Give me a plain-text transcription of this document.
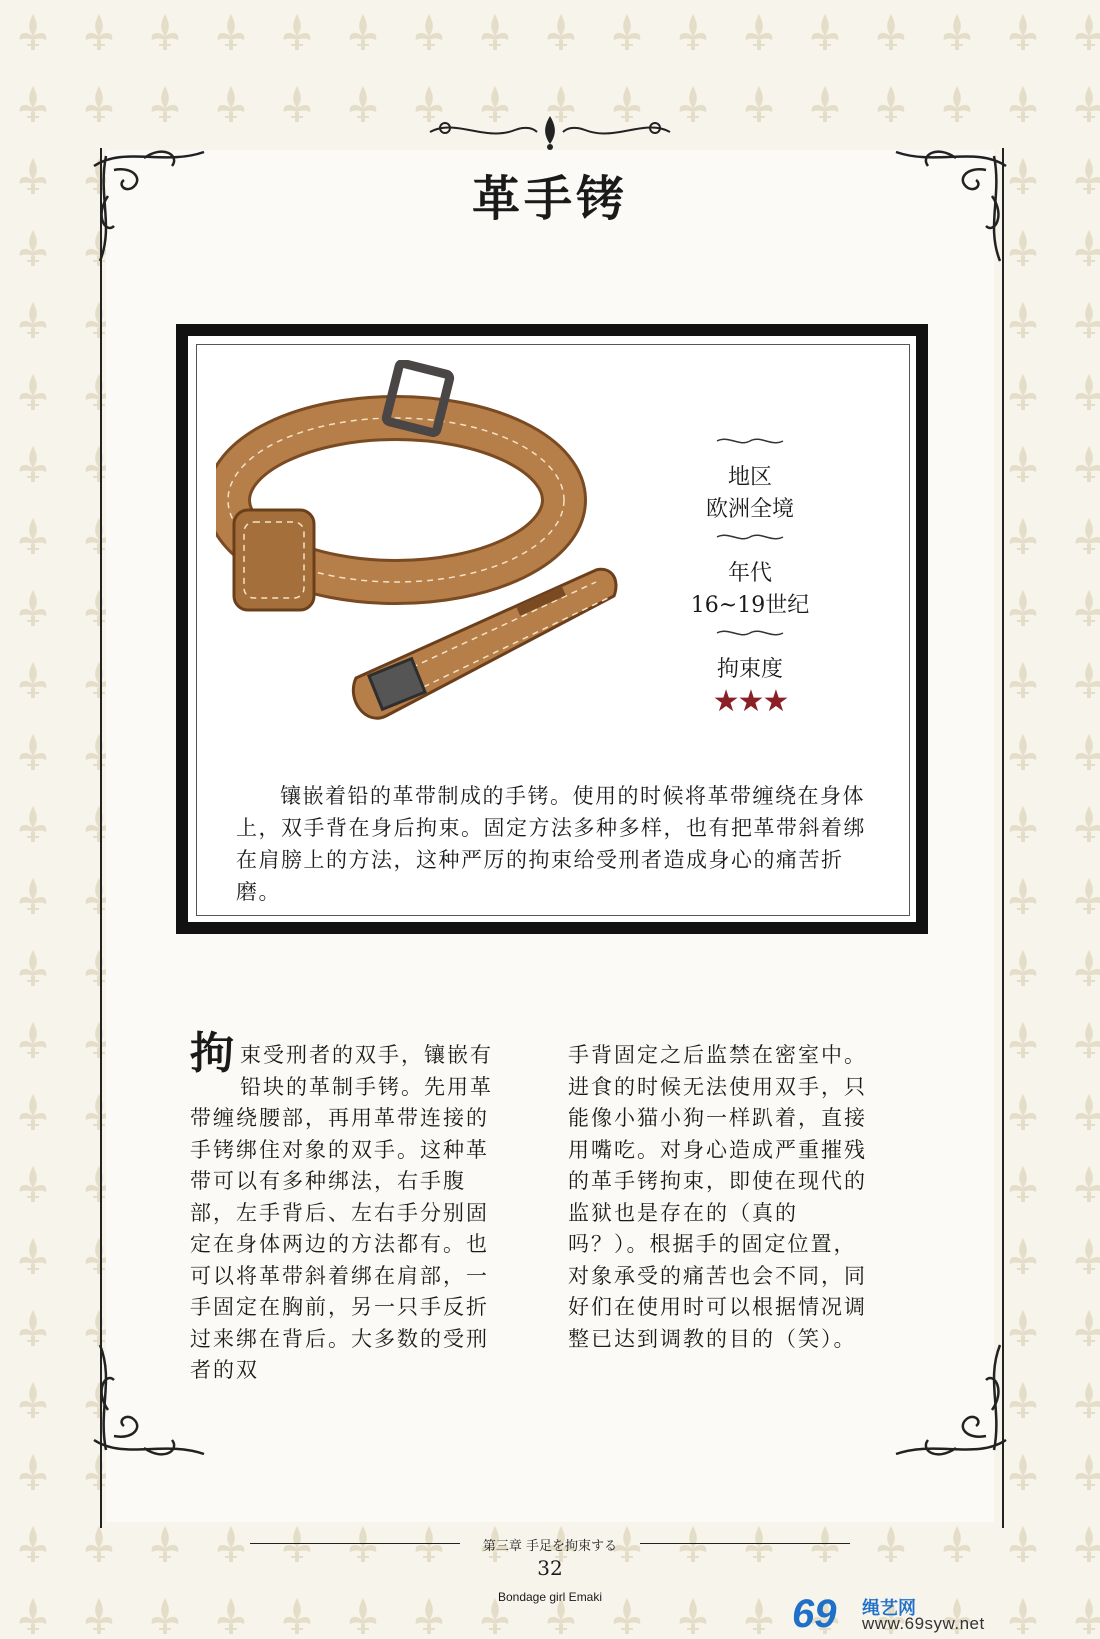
革手铐
地区
欧洲全境
年代
16~19世纪
拘束度
★★★
镶嵌着铅的革带制成的手铐。使用的时候将革带缠绕在身体上，双手背在身后拘束。固定方法多种多样，也有把革带斜着绑在肩膀上的方法，这种严厉的拘束给受刑者造成身心的痛苦折磨。
拘束受刑者的双手，镶嵌有铅块的革制手铐。先用革带缠绕腰部，再用革带连接的手铐绑住对象的双手。这种革带可以有多种绑法，右手腹部，左手背后、左右手分别固定在身体两边的方法都有。也可以将革带斜着绑在肩部，一手固定在胸前，另一只手反折过来绑在背后。大多数的受刑者的双
手背固定之后监禁在密室中。进食的时候无法使用双手，只能像小猫小狗一样趴着，直接用嘴吃。对身心造成严重摧残的革手铐拘束，即使在现代的监狱也是存在的（真的吗？）。根据手的固定位置，对象承受的痛苦也会不同，同好们在使用时可以根据情况调整已达到调教的目的（笑）。
第三章 手足を拘束する
32
Bondage girl Emaki	69 绳艺网
www.69syw.net
